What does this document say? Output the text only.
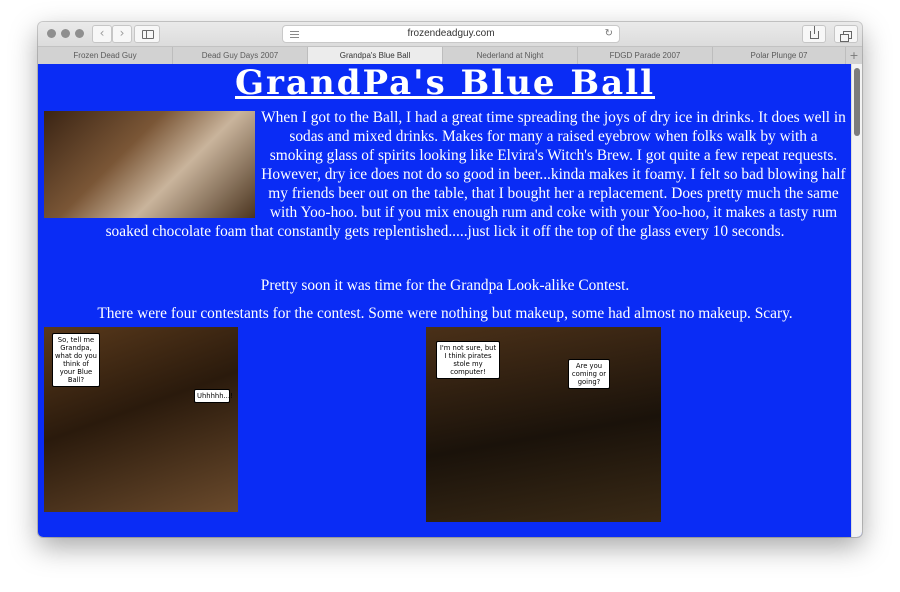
‹	›	frozendeadguy.com	↻
Frozen Dead Guy	Dead Guy Days 2007	Grandpa's Blue Ball	Nederland at Night	FDGD Parade 2007	Polar Plunge 07	+
GrandPa's Blue Ball

When I got to the Ball, I had a great time spreading the joys of dry ice in drinks. It does well in sodas and mixed drinks. Makes for many a raised eyebrow when folks walk by with a smoking glass of spirits looking like Elvira's Witch's Brew. I got quite a few repeat requests. However, dry ice does not do so good in beer...kinda makes it foamy. I felt so bad blowing half my friends beer out on the table, that I bought her a replacement. Does pretty much the same with Yoo-hoo. but if you mix enough rum and coke with your Yoo-hoo, it makes a tasty rum soaked chocolate foam that constantly gets replentished.....just lick it off the top of the glass every 10 seconds.

Pretty soon it was time for the Grandpa Look-alike Contest.

There were four contestants for the contest. Some were nothing but makeup, some had almost no makeup. Scary.

So, tell me Grandpa, what do you think of your Blue Ball?
Uhhhhh...!
I'm not sure, but I think pirates stole my computer!
Are you coming or going?
